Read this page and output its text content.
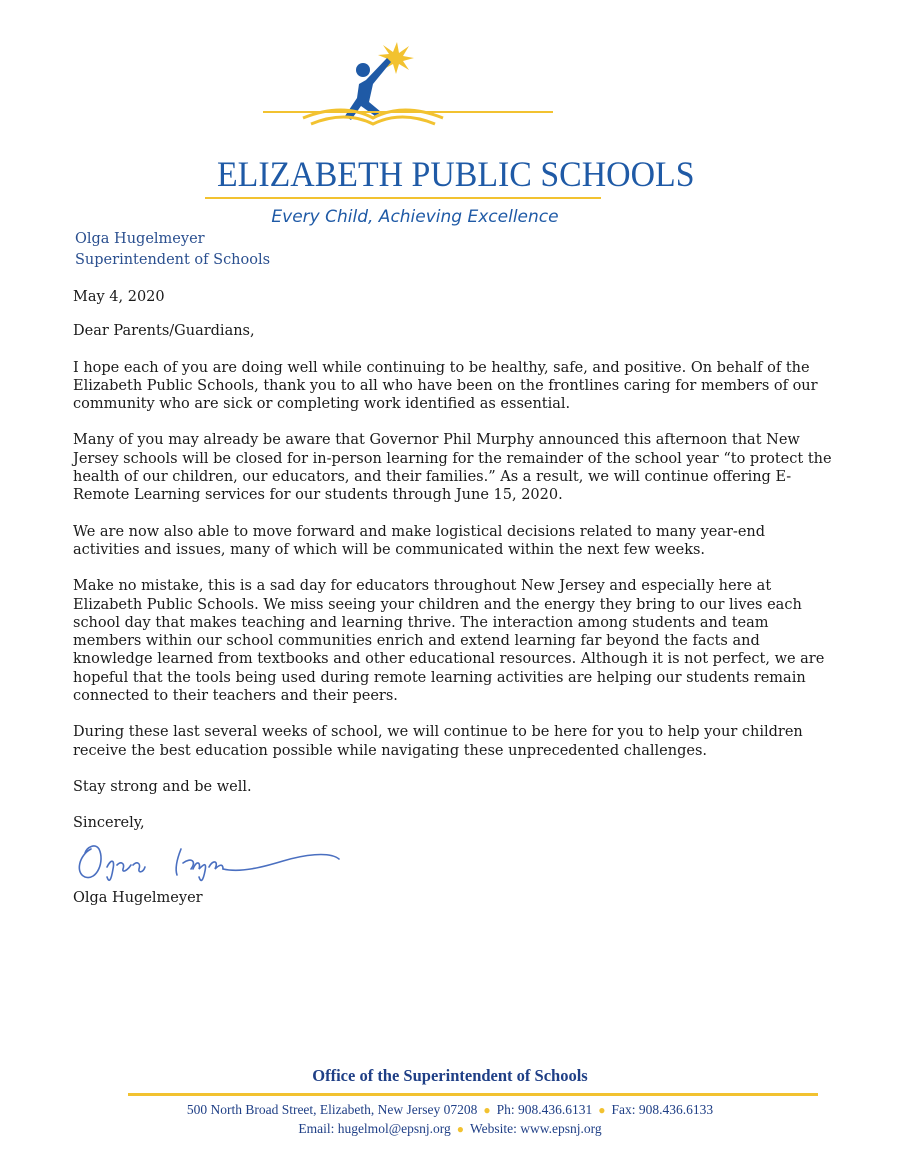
ELIZABETH PUBLIC SCHOOLS
Every Child, Achieving Excellence
Olga Hugelmeyer
Superintendent of Schools

May 4, 2020

Dear Parents/Guardians,

I hope each of you are doing well while continuing to be healthy, safe, and positive. On behalf of the Elizabeth Public Schools, thank you to all who have been on the frontlines caring for members of our community who are sick or completing work identified as essential.

Many of you may already be aware that Governor Phil Murphy announced this afternoon that New Jersey schools will be closed for in-person learning for the remainder of the school year “to protect the health of our children, our educators, and their families.” As a result, we will continue offering E-Remote Learning services for our students through June 15, 2020.

We are now also able to move forward and make logistical decisions related to many year-end activities and issues, many of which will be communicated within the next few weeks.

Make no mistake, this is a sad day for educators throughout New Jersey and especially here at Elizabeth Public Schools. We miss seeing your children and the energy they bring to our lives each school day that makes teaching and learning thrive. The interaction among students and team members within our school communities enrich and extend learning far beyond the facts and knowledge learned from textbooks and other educational resources. Although it is not perfect, we are hopeful that the tools being used during remote learning activities are helping our students remain connected to their teachers and their peers.

During these last several weeks of school, we will continue to be here for you to help your children receive the best education possible while navigating these unprecedented challenges.

Stay strong and be well.

Sincerely,

Olga Hugelmeyer

Office of the Superintendent of Schools
500 North Broad Street, Elizabeth, New Jersey 07208 ● Ph: 908.436.6131 ● Fax: 908.436.6133
Email: hugelmol@epsnj.org ● Website: www.epsnj.org
